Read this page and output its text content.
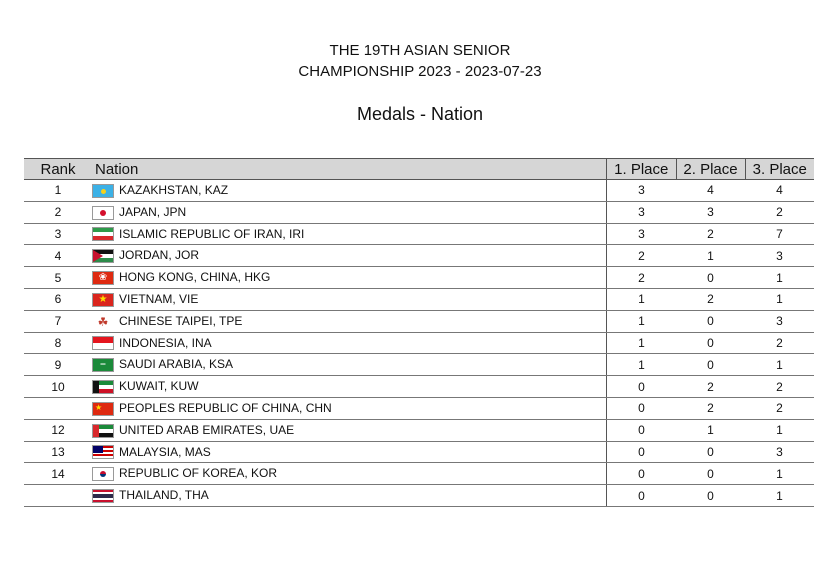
THE 19TH ASIAN SENIOR
CHAMPIONSHIP 2023 - 2023-07-23
Medals - Nation
Rank	Nation	1. Place	2. Place	3. Place
1	KAZAKHSTAN, KAZ	3	4	4
2	JAPAN, JPN	3	3	2
3	ISLAMIC REPUBLIC OF IRAN, IRI	3	2	7
4	JORDAN, JOR	2	1	3
5	❀ HONG KONG, CHINA, HKG	2	0	1
6	★ VIETNAM, VIE	1	2	1
7	☘ CHINESE TAIPEI, TPE	1	0	3
8	INDONESIA, INA	1	0	2
9	═ SAUDI ARABIA, KSA	1	0	1
10	KUWAIT, KUW	0	2	2
	★ PEOPLES REPUBLIC OF CHINA, CHN	0	2	2
12	UNITED ARAB EMIRATES, UAE	0	1	1
13	MALAYSIA, MAS	0	0	3
14	REPUBLIC OF KOREA, KOR	0	0	1
	THAILAND, THA	0	0	1
